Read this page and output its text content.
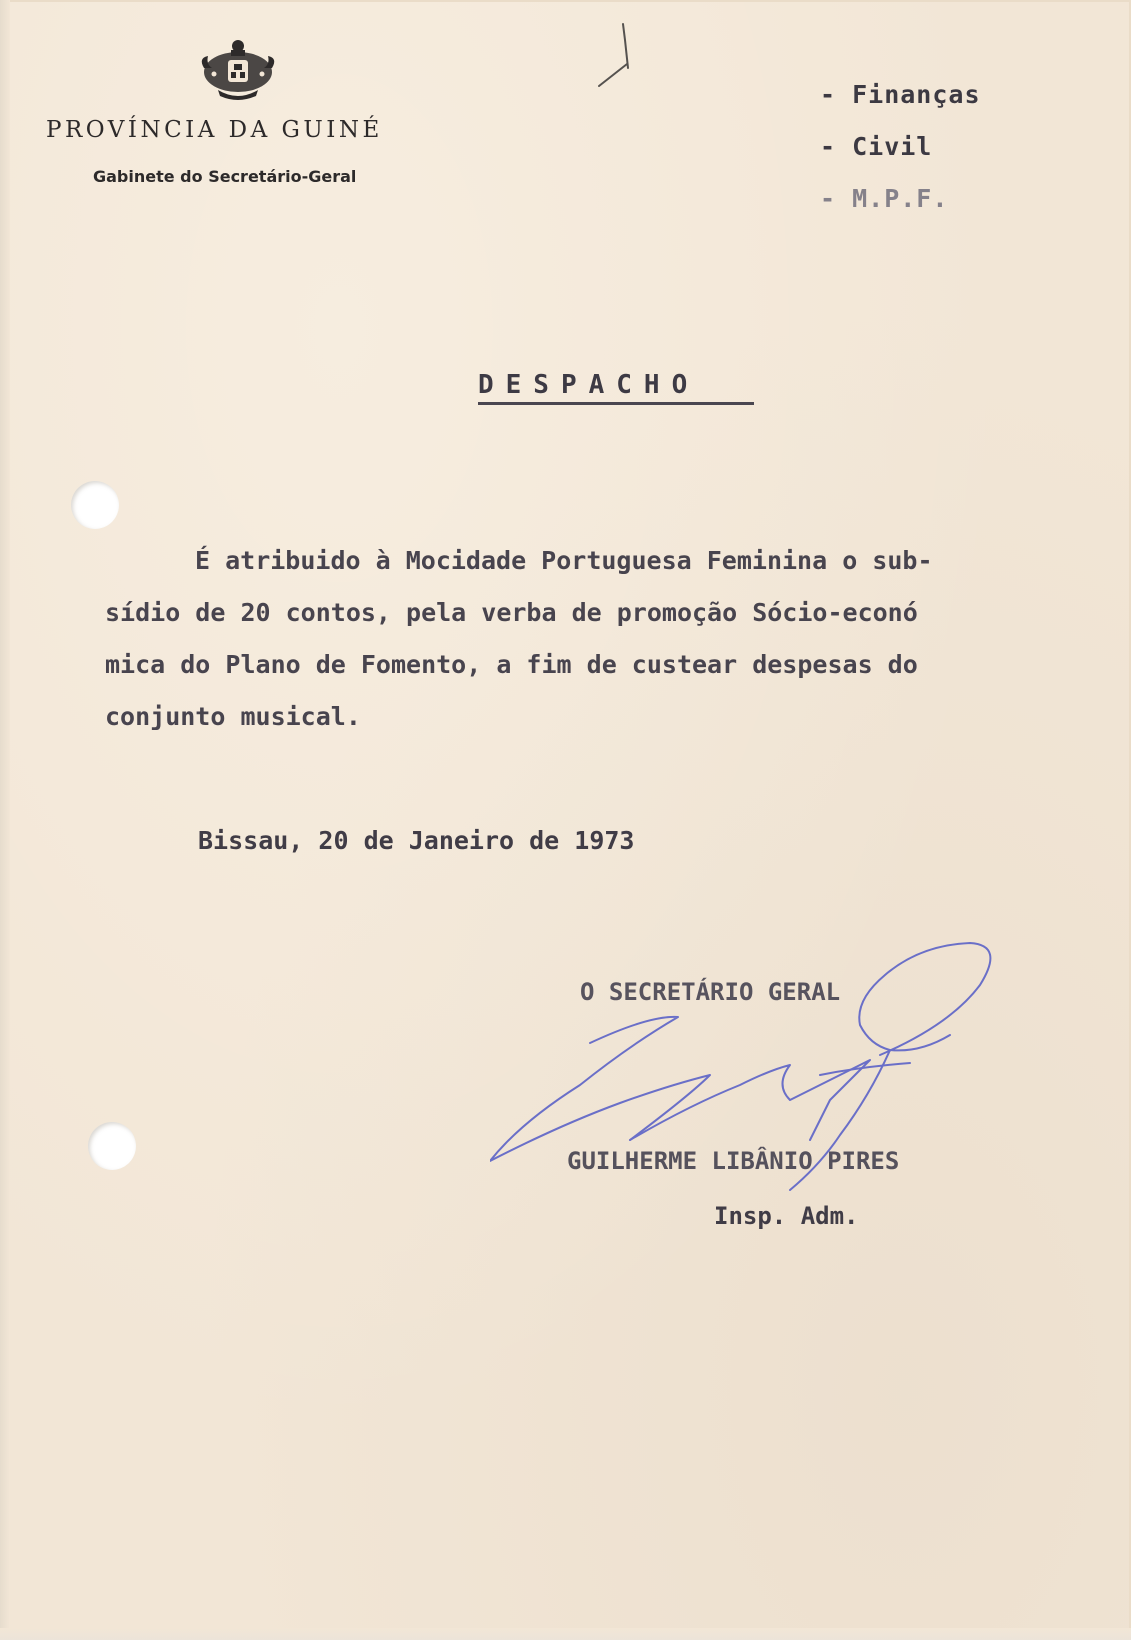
PROVÍNCIA DA GUINÉ
Gabinete do Secretário-Geral
- Finanças
- Civil
- M.P.F.
DESPACHO
É atribuido à Mocidade Portuguesa Feminina o sub-
sídio de 20 contos, pela verba de promoção Sócio-econó
mica do Plano de Fomento, a fim de custear despesas do
conjunto musical.
Bissau, 20 de Janeiro de 1973
O SECRETÁRIO GERAL
GUILHERME LIBÂNIO PIRES
Insp. Adm.
